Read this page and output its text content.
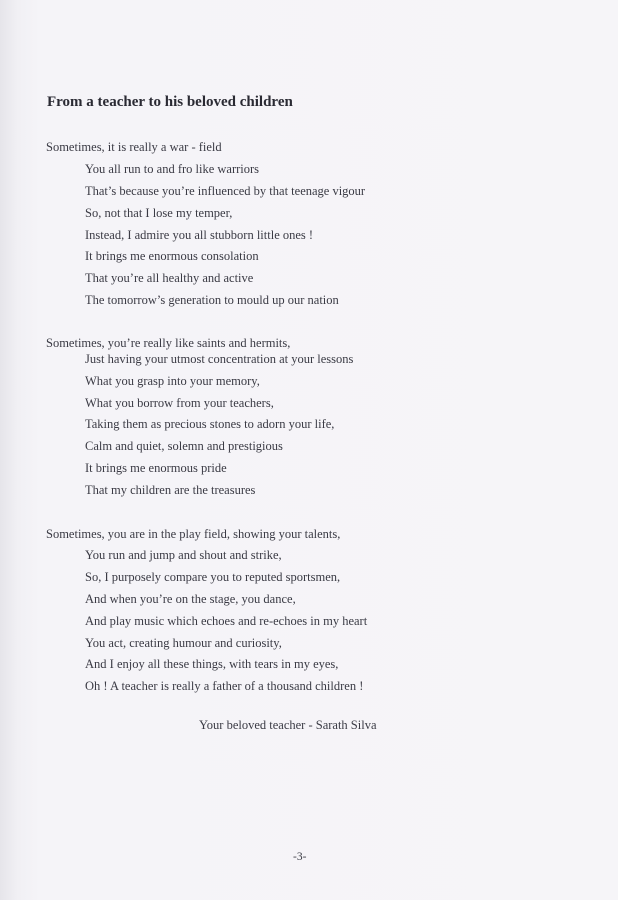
From a teacher to his beloved children
Sometimes, it is really a war - field
You all run to and fro like warriors
That’s because you’re influenced by that teenage vigour
So, not that I lose my temper,
Instead, I admire you all stubborn little ones !
It brings me enormous consolation
That you’re all healthy and active
The tomorrow’s generation to mould up our nation
Sometimes, you’re really like saints and hermits,
Just having your utmost concentration at your lessons
What you grasp into your memory,
What you borrow from your teachers,
Taking them as precious stones to adorn your life,
Calm and quiet, solemn and prestigious
It brings me enormous pride
That my children are the treasures
Sometimes, you are in the play field, showing your talents,
You run and jump and shout and strike,
So, I purposely compare you to reputed sportsmen,
And when you’re on the stage, you dance,
And play music which echoes and re-echoes in my heart
You act, creating humour and curiosity,
And I enjoy all these things, with tears in my eyes,
Oh ! A teacher is really a father of a thousand children !
Your beloved teacher - Sarath Silva
-3-
